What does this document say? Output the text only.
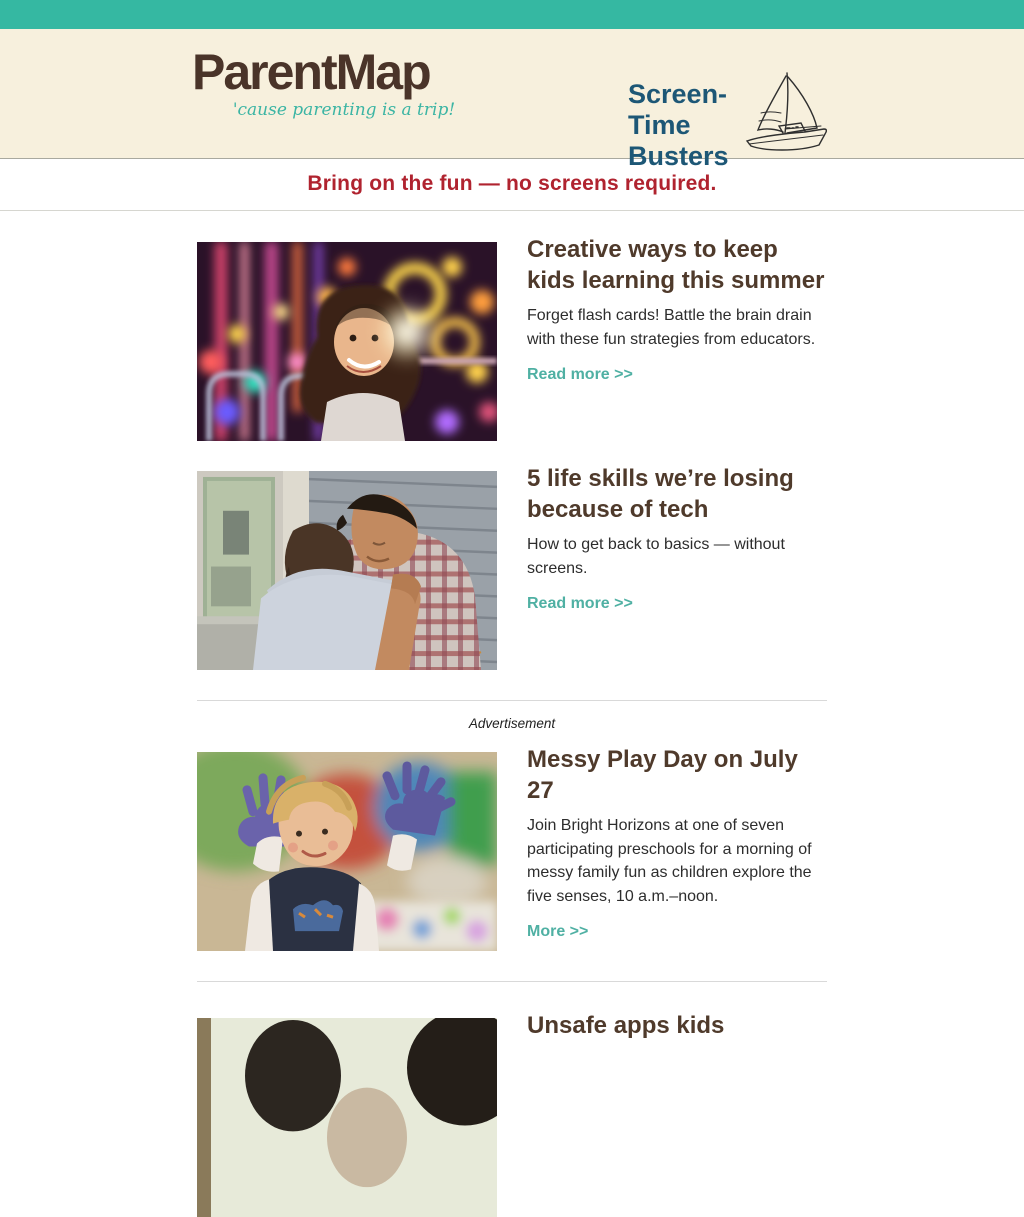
ParentMap
'cause parenting is a trip!
Screen-
Time
Busters
Bring on the fun — no screens required.
Creative ways to keep kids learning this summer

Forget flash cards! Battle the brain drain with these fun strategies from educators.

Read more >>
5 life skills we’re losing because of tech

How to get back to basics — without screens.

Read more >>
Advertisement
Messy Play Day on July 27

Join Bright Horizons at one of seven participating preschools for a morning of messy family fun as children explore the five senses, 10 a.m.–noon.

More >>
Unsafe apps kids
